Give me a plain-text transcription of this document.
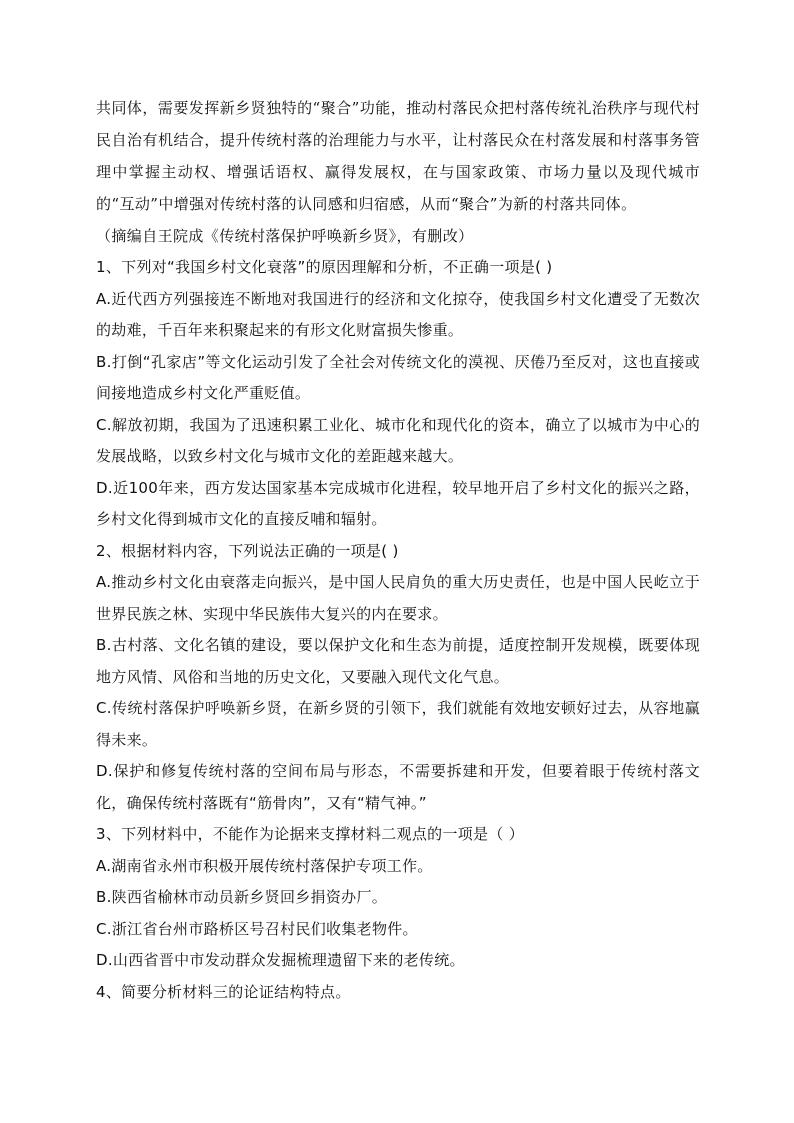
共同体，需要发挥新乡贤独特的“聚合”功能，推动村落民众把村落传统礼治秩序与现代村民自治有机结合，提升传统村落的治理能力与水平，让村落民众在村落发展和村落事务管理中掌握主动权、增强话语权、赢得发展权，在与国家政策、市场力量以及现代城市的“互动”中增强对传统村落的认同感和归宿感，从而“聚合”为新的村落共同体。

（摘编自王院成《传统村落保护呼唤新乡贤》，有删改）

1、下列对“我国乡村文化衰落”的原因理解和分析，不正确一项是( )

A.近代西方列强接连不断地对我国进行的经济和文化掠夺，使我国乡村文化遭受了无数次的劫难，千百年来积聚起来的有形文化财富损失惨重。

B.打倒“孔家店”等文化运动引发了全社会对传统文化的漠视、厌倦乃至反对，这也直接或间接地造成乡村文化严重贬值。

C.解放初期，我国为了迅速积累工业化、城市化和现代化的资本，确立了以城市为中心的发展战略，以致乡村文化与城市文化的差距越来越大。

D.近100年来，西方发达国家基本完成城市化进程，较早地开启了乡村文化的振兴之路，乡村文化得到城市文化的直接反哺和辐射。

2、根据材料内容，下列说法正确的一项是( )

A.推动乡村文化由衰落走向振兴，是中国人民肩负的重大历史责任，也是中国人民屹立于世界民族之林、实现中华民族伟大复兴的内在要求。

B.古村落、文化名镇的建设，要以保护文化和生态为前提，适度控制开发规模，既要体现地方风情、风俗和当地的历史文化，又要融入现代文化气息。

C.传统村落保护呼唤新乡贤，在新乡贤的引领下，我们就能有效地安顿好过去，从容地赢得未来。

D.保护和修复传统村落的空间布局与形态，不需要拆建和开发，但要着眼于传统村落文化，确保传统村落既有“筋骨肉”，又有“精气神。”

3、下列材料中，不能作为论据来支撑材料二观点的一项是（ ）

A.湖南省永州市积极开展传统村落保护专项工作。

B.陕西省榆林市动员新乡贤回乡捐资办厂。

C.浙江省台州市路桥区号召村民们收集老物件。

D.山西省晋中市发动群众发掘梳理遗留下来的老传统。

4、简要分析材料三的论证结构特点。
